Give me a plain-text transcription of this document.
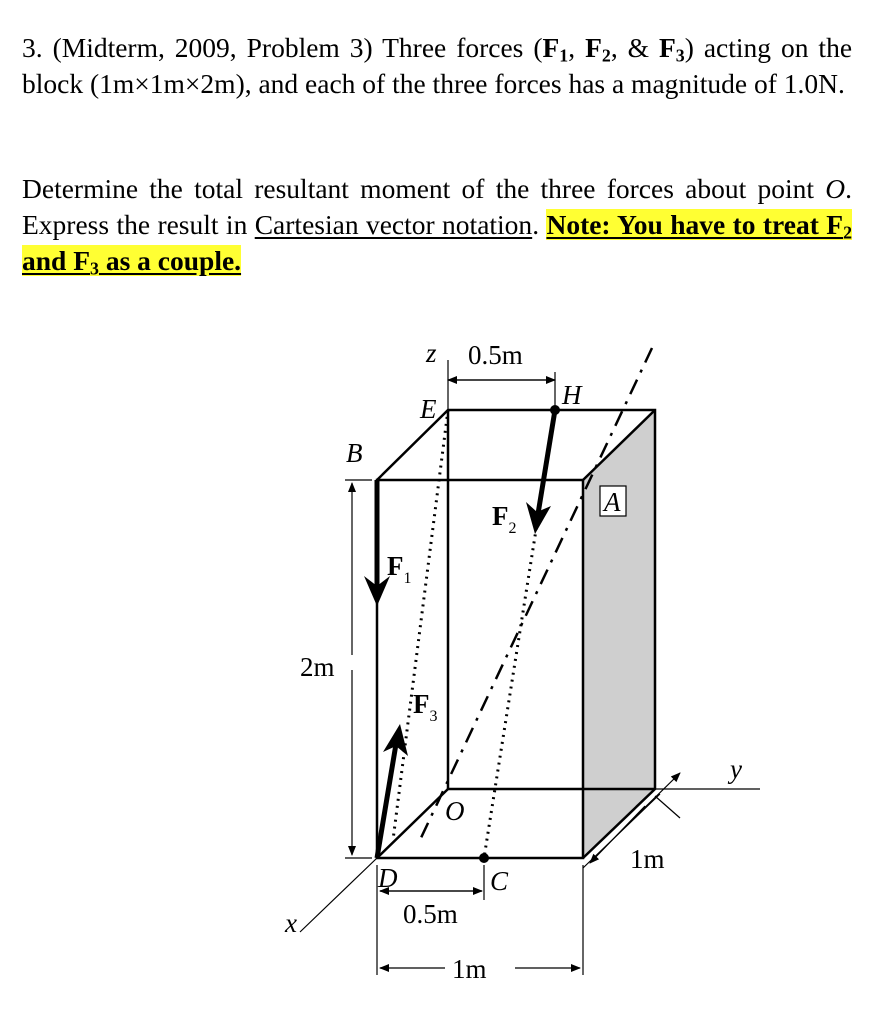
3. (Midterm, 2009, Problem 3) Three forces ($F_1$, $F_2$, & $F_3$) acting on the block (1m×1m×2m), and each of the three forces has a magnitude of 1.0N.
Determine the total resultant moment of the three forces about point O. Express the result in Cartesian vector notation. Note: You have to treat $F_2$ and $F_3$ as a couple.
z 0.5m
E	H
B
A
2m
y
O
1m
D	C
0.5m
1m
x
$F_1$
$F_2$
$F_3$
